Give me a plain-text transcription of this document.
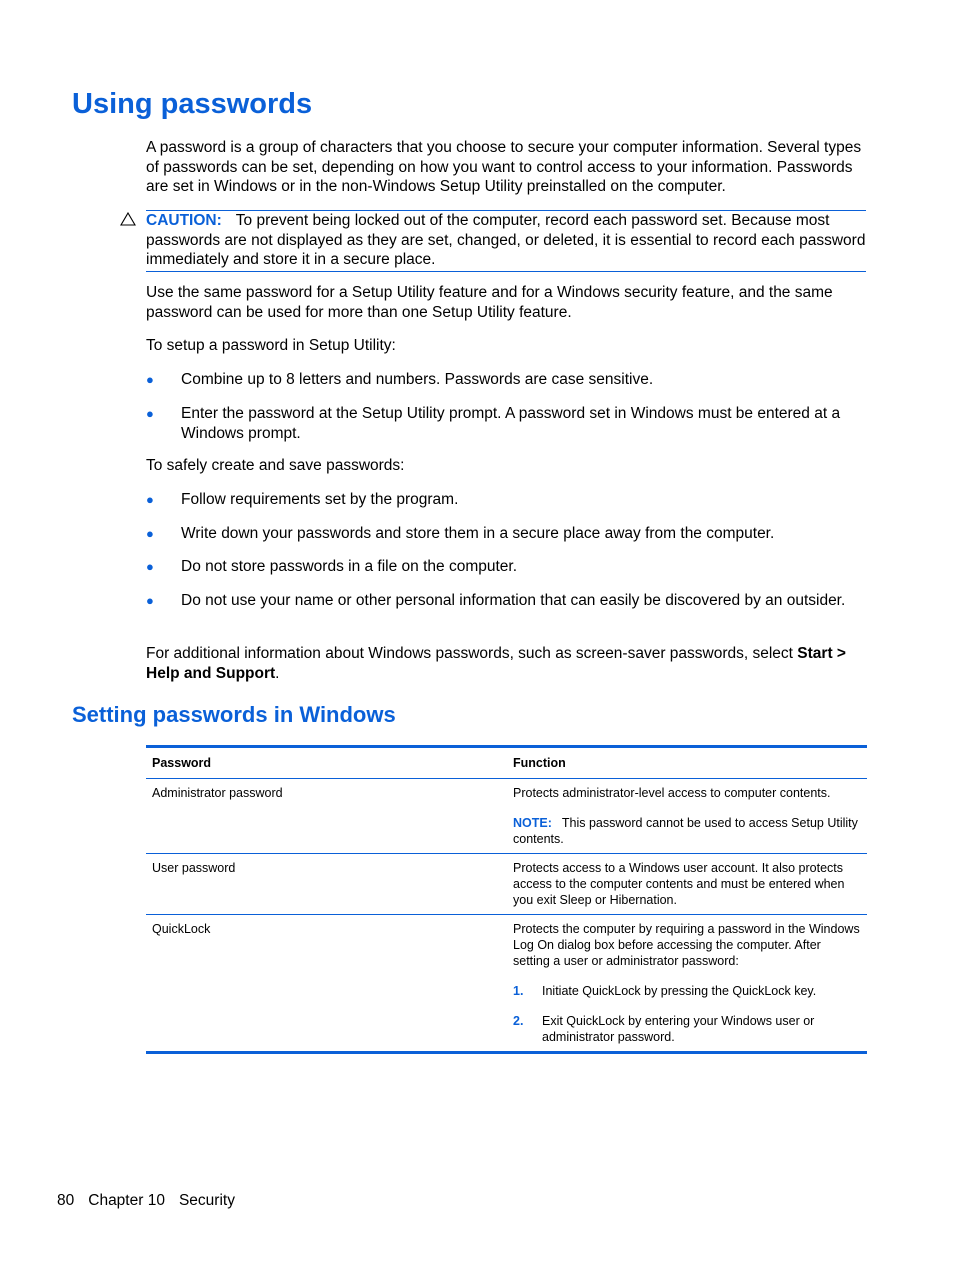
Using passwords

A password is a group of characters that you choose to secure your computer information. Several types of passwords can be set, depending on how you want to control access to your information. Passwords are set in Windows or in the non-Windows Setup Utility preinstalled on the computer.

CAUTION: To prevent being locked out of the computer, record each password set. Because most passwords are not displayed as they are set, changed, or deleted, it is essential to record each password immediately and store it in a secure place.

Use the same password for a Setup Utility feature and for a Windows security feature, and the same password can be used for more than one Setup Utility feature.

To setup a password in Setup Utility:

● Combine up to 8 letters and numbers. Passwords are case sensitive.
● Enter the password at the Setup Utility prompt. A password set in Windows must be entered at a Windows prompt.

To safely create and save passwords:

● Follow requirements set by the program.
● Write down your passwords and store them in a secure place away from the computer.
● Do not store passwords in a file on the computer.
● Do not use your name or other personal information that can easily be discovered by an outsider.

For additional information about Windows passwords, such as screen-saver passwords, select Start > Help and Support.

Setting passwords in Windows
Password	Function
Administrator password	Protects administrator-level access to computer contents.
NOTE: This password cannot be used to access Setup Utility contents.
User password	Protects access to a Windows user account. It also protects access to the computer contents and must be entered when you exit Sleep or Hibernation.
QuickLock	Protects the computer by requiring a password in the Windows Log On dialog box before accessing the computer. After setting a user or administrator password:
1.	Initiate QuickLock by pressing the QuickLock key.
2.	Exit QuickLock by entering your Windows user or administrator password.
80 Chapter 10 Security
